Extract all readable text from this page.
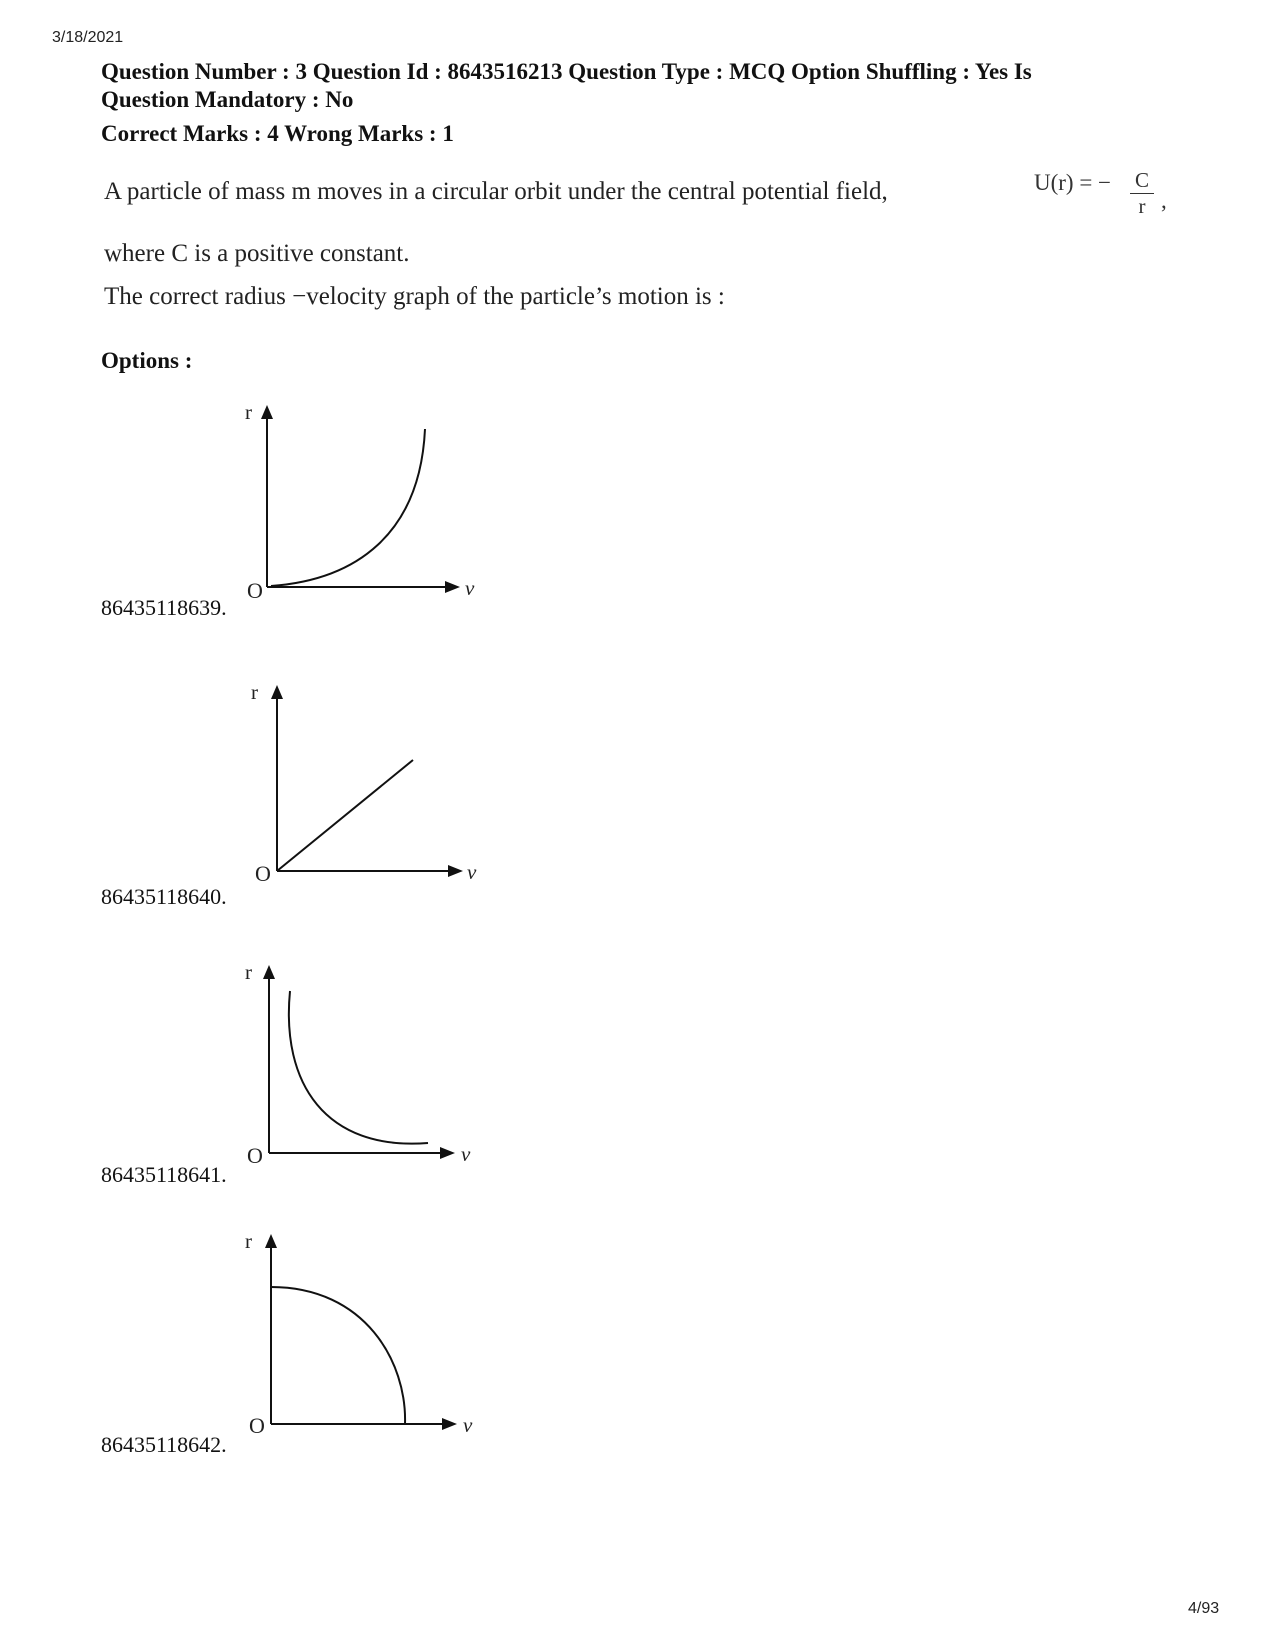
3/18/2021
Question Number : 3 Question Id : 8643516213 Question Type : MCQ Option Shuffling : Yes Is
Question Mandatory : No
Correct Marks : 4 Wrong Marks : 1
A particle of mass m moves in a circular orbit under the central potential field,	U(r) = − C
r ,
where C is a positive constant.
The correct radius −velocity graph of the particle’s motion is :
Options :
r
v
O
86435118639.
r
v
O
86435118640.
r
v
O
86435118641.
r
v
O
86435118642.
4/93
